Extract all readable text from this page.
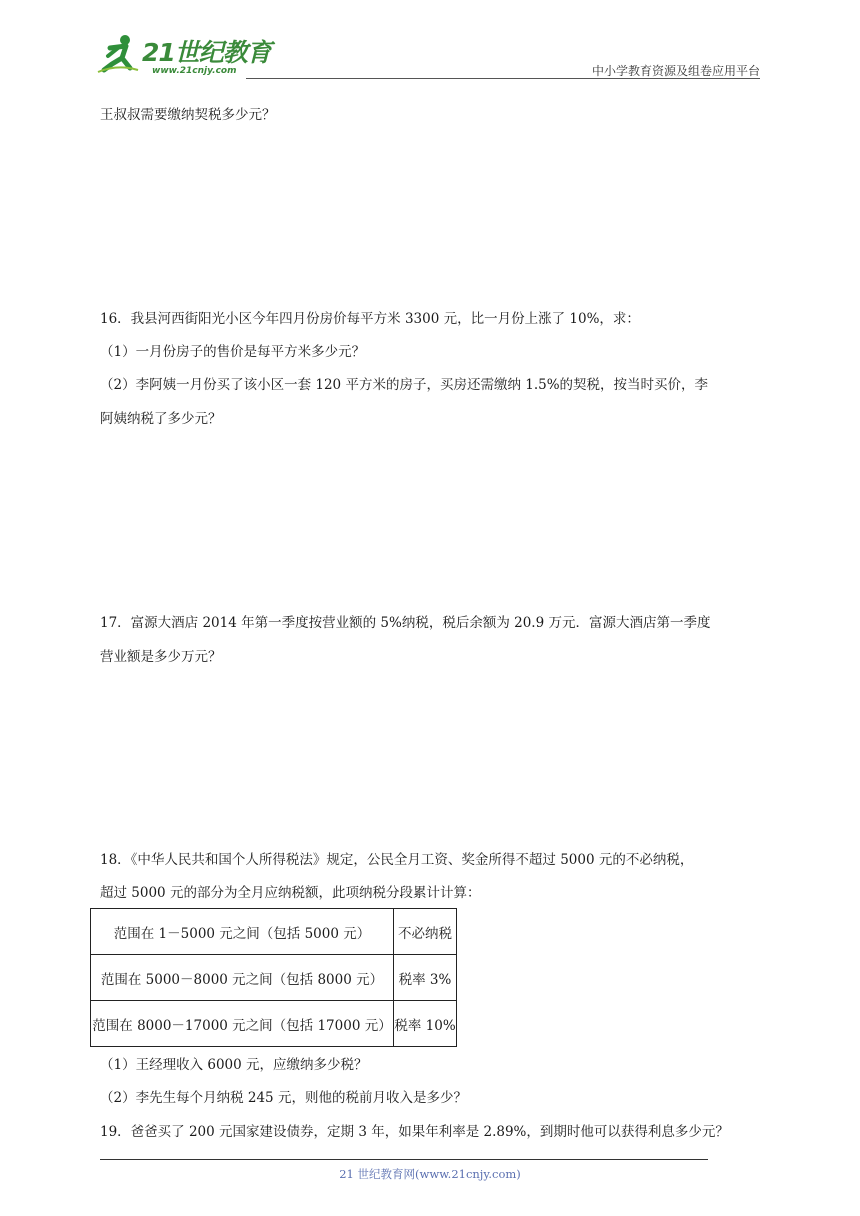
21世纪教育
www.21cnjy.com	中小学教育资源及组卷应用平台
王叔叔需要缴纳契税多少元？
16．我县河西街阳光小区今年四月份房价每平方米 3300 元，比一月份上涨了 10%，求：
（1）一月份房子的售价是每平方米多少元？
（2）李阿姨一月份买了该小区一套 120 平方米的房子，买房还需缴纳 1.5%的契税，按当时买价，李
阿姨纳税了多少元？
17．富源大酒店 2014 年第一季度按营业额的 5%纳税，税后余额为 20.9 万元．富源大酒店第一季度
营业额是多少万元？
18．《中华人民共和国个人所得税法》规定，公民全月工资、奖金所得不超过 5000 元的不必纳税，
超过 5000 元的部分为全月应纳税额，此项纳税分段累计计算：
范围在 1－5000 元之间（包括 5000 元）	不必纳税
范围在 5000－8000 元之间（包括 8000 元）	税率 3%
范围在 8000－17000 元之间（包括 17000 元）	税率 10%
（1）王经理收入 6000 元，应缴纳多少税？
（2）李先生每个月纳税 245 元，则他的税前月收入是多少？
19．爸爸买了 200 元国家建设债券，定期 3 年，如果年利率是 2.89%，到期时他可以获得利息多少元？
21 世纪教育网(www.21cnjy.com)
